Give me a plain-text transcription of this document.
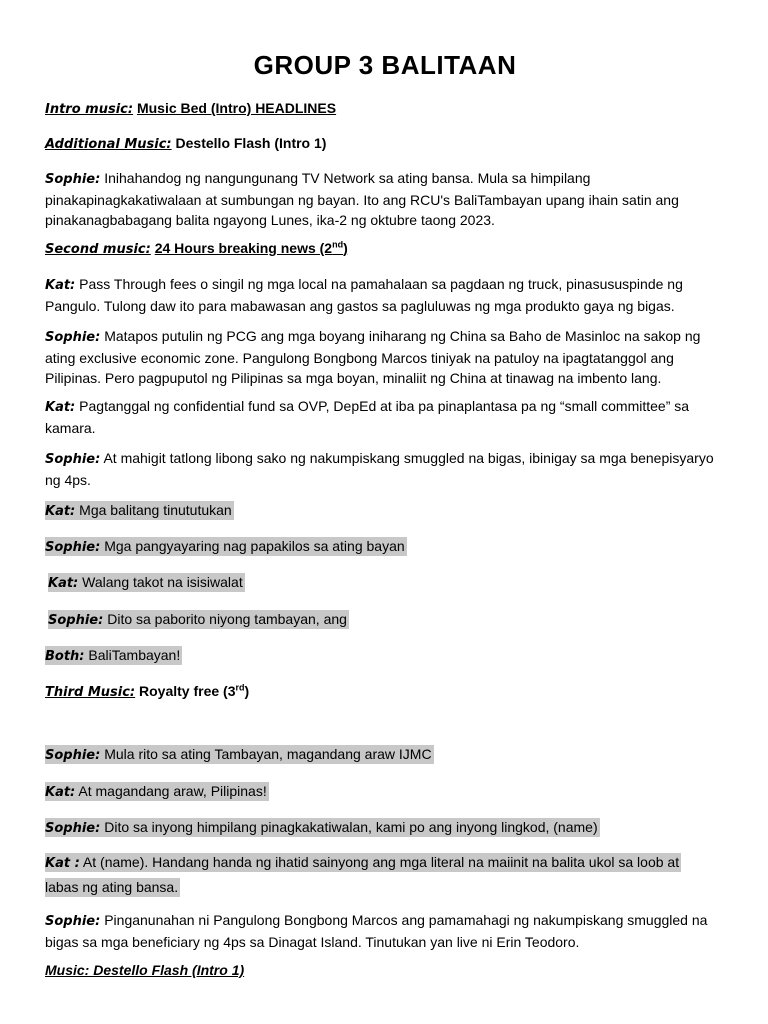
GROUP 3 BALITAAN
Intro music: Music Bed (Intro) HEADLINES
Additional Music: Destello Flash (Intro 1)
Sophie: Inihahandog ng nangungunang TV Network sa ating bansa. Mula sa himpilang pinakapinagkakatiwalaan at sumbungan ng bayan. Ito ang RCU's BaliTambayan upang ihain satin ang pinakanagbabagang balita ngayong Lunes, ika-2 ng oktubre taong 2023.
Second music: 24 Hours breaking news (2nd)
Kat: Pass Through fees o singil ng mga local na pamahalaan sa pagdaan ng truck, pinasususpinde ng Pangulo. Tulong daw ito para mabawasan ang gastos sa pagluluwas ng mga produkto gaya ng bigas.
Sophie: Matapos putulin ng PCG ang mga boyang iniharang ng China sa Baho de Masinloc na sakop ng ating exclusive economic zone. Pangulong Bongbong Marcos tiniyak na patuloy na ipagtatanggol ang Pilipinas. Pero pagpuputol ng Pilipinas sa mga boyan, minaliit ng China at tinawag na imbento lang.
Kat: Pagtanggal ng confidential fund sa OVP, DepEd at iba pa pinaplantasa pa ng “small committee” sa kamara.
Sophie: At mahigit tatlong libong sako ng nakumpiskang smuggled na bigas, ibinigay sa mga benepisyaryo ng 4ps.
Kat: Mga balitang tinututukan
Sophie: Mga pangyayaring nag papakilos sa ating bayan
Kat: Walang takot na isisiwalat
Sophie: Dito sa paborito niyong tambayan, ang
Both: BaliTambayan!
Third Music: Royalty free (3rd)
Sophie: Mula rito sa ating Tambayan, magandang araw IJMC
Kat: At magandang araw, Pilipinas!
Sophie: Dito sa inyong himpilang pinagkakatiwalan, kami po ang inyong lingkod, (name)
Kat : At (name). Handang handa ng ihatid sainyong ang mga literal na maiinit na balita ukol sa loob at
labas ng ating bansa.
Sophie: Pinganunahan ni Pangulong Bongbong Marcos ang pamamahagi ng nakumpiskang smuggled na bigas sa mga beneficiary ng 4ps sa Dinagat Island. Tinutukan yan live ni Erin Teodoro.
Music: Destello Flash (Intro 1)
